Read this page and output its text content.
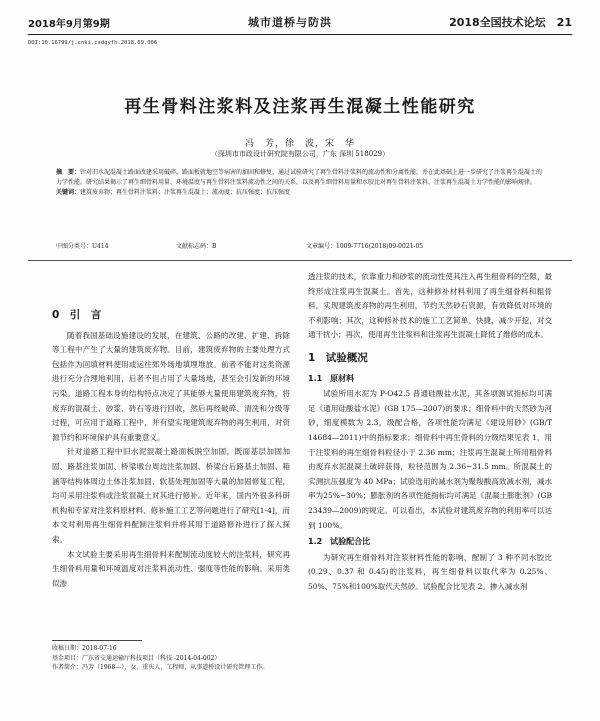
2018年9月第9期	城市道桥与防洪	2018全国技术论坛　21
DOI:10.16799/j.cnki.csdqyfh.2018.09.006
再生骨料注浆料及注浆再生混凝土性能研究
冯　芳，徐　波，宋　华
（深圳市市政设计研究院有限公司，广东 深圳 518029）

摘　要：针对旧水泥混凝土路面改建采用破碎、路面板就地空等病害的加固和修复，通过试验研究了再生骨料注浆料的流动性和分离性能，并在此基础上进一步研究了注浆再生混凝土的力学性能。研究结果揭示了再生细骨料用量、环境温度与再生骨料注浆料流动性之间的关系，以及再生细骨料用量和水胶比对再生骨料注浆料，注浆再生混凝土力学性能的影响规律。

关键词：建筑废弃物；再生骨料注浆料；注浆再生混凝土；流动度；抗压强度；抗压强度

中图分类号：U414	文献标志码：B	文章编号：1009-7716(2018)09-0021-05
0　引　言

随着我国基础设施建设的发展，在建筑、公路的改建、扩建、拆除等工程中产生了大量的建筑废弃物。目前，建筑废弃物的主要处理方式包括作为回填材料使用或运往郊外场地填埋堆放。前者不能对这类资源进行充分合理地利用，后者不但占用了大量场地，甚至会引发新的环境污染。道路工程本身的结构特点决定了其能够大量使用建筑废弃物，将废弃的混凝土、砂浆、砖石等进行回收，然后再经破碎、清洗和分级等过程，可应用于道路工程中，并有望实现建筑废弃物的再生利用，对资源节约和环境保护具有重要意义。

针对道路工程中旧水泥混凝土路面板脱空加固，既面基层加固加固、路基注浆加固、桥梁墩台周边注浆加固、桥梁台后路基土加固、箱涵等结构体周边土体注浆加固、软基处理加固等大量的加固修复工程，均可采用注浆料或注浆混凝土对其进行修补。近年来，国内外很多科研机构和专家对注浆料原材料、修补施工工艺等问题进行了研究[1-4]，而本文对利用再生细骨料配制注浆料并将其用于道路修补进行了探入探索。

本文试验主要采用再生细骨料来配制流动度较大的注浆料，研究再生细骨料用量和环境温度对注浆料流动性、强度等性能的影响。采用类似渗

透注浆的技术，依靠重力和砂浆的流动性使其注入再生粗骨料的空隙，最终形成注浆再生混凝土。首先，这种修补材料利用了再生细骨料和粗骨料，实现建筑废弃物的再生利用，节约天然砂石资源，有效降低对环境的不利影响；其次，这种修补技术的施工工艺简单、快捷，减少开挖，对交通干扰小；再次，使用再生注浆料和注浆再生混凝土降低了维修的成本。

1　试验概况
1.1　原材料

试验所用水泥为 P·O42.5 普通硅酸盐水泥，其各项测试指标均可满足《通用硅酸盐水泥》(GB 175—2007)的要求；细骨料中的天然砂为河砂，细度模数为 2.3，级配合格，各项性能均满足《建设用砂》(GB/T 14684—2011)中的指标要求；细骨料中再生骨料的分级结果见表 1，用于注浆料的再生细骨料粒径小于 2.36 mm；注浆再生混凝土所用粗骨料由废弃水泥混凝土破碎获得，粒径范围为 2.36~31.5 mm。所混凝土的实测抗压强度为 40 MPa；试验选用的减水剂为聚羧酸高效减水剂，减水率为25%~30%；膨胀剂的各项性能指标均可满足《混凝土膨胀剂》(GB 23439—2009)的规定。可以看出，本试验对建筑废弃物的利用率可以达到 100%。

1.2　试验配合比

为研究再生细骨料对注浆材料性能的影响，配制了 3 种不同水胶比(0.29、0.37 和 0.45)的注浆料，再生细骨料以取代率为 0.25%、50%、75%和100%取代天然砂。试验配合比见表 2。掺入减水剂

收稿日期：2018-07-16
基金项目：广东省交通运输厅科技项目（科技 -2014-04-002）
作者简介：冯芳（1968—），女，重庆人，工程师，从事道桥设计研究管理工作。
